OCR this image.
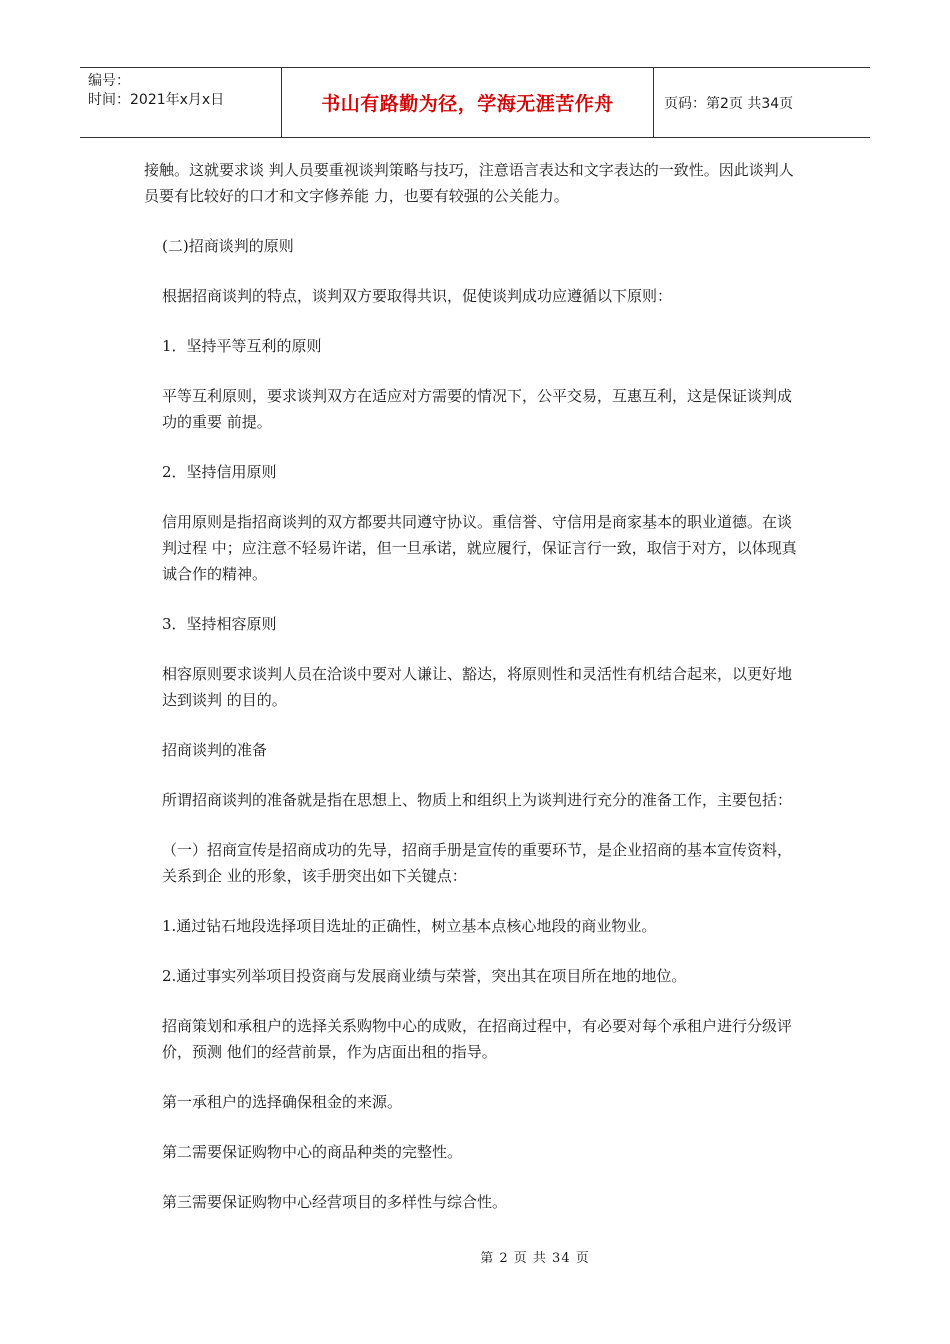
编号：
时间：2021年x月x日	书山有路勤为径，学海无涯苦作舟	页码：第2页 共34页

接触。这就要求谈 判人员要重视谈判策略与技巧，注意语言表达和文字表达的一致性。因此谈判人员要有比较好的口才和文字修养能 力，也要有较强的公关能力。

(二)招商谈判的原则

根据招商谈判的特点，谈判双方要取得共识，促使谈判成功应遵循以下原则：

1．坚持平等互利的原则

平等互利原则，要求谈判双方在适应对方需要的情况下，公平交易，互惠互利，这是保证谈判成功的重要 前提。

2．坚持信用原则

信用原则是指招商谈判的双方都要共同遵守协议。重信誉、守信用是商家基本的职业道德。在谈判过程 中；应注意不轻易许诺，但一旦承诺，就应履行，保证言行一致，取信于对方，以体现真诚合作的精神。

3．坚持相容原则

相容原则要求谈判人员在洽谈中要对人谦让、豁达，将原则性和灵活性有机结合起来，以更好地达到谈判 的目的。

招商谈判的准备

所谓招商谈判的准备就是指在思想上、物质上和组织上为谈判进行充分的准备工作，主要包括：

（一）招商宣传是招商成功的先导，招商手册是宣传的重要环节，是企业招商的基本宣传资料，关系到企 业的形象，该手册突出如下关键点：

1.通过钻石地段选择项目选址的正确性，树立基本点核心地段的商业物业。

2.通过事实列举项目投资商与发展商业绩与荣誉，突出其在项目所在地的地位。

招商策划和承租户的选择关系购物中心的成败，在招商过程中，有必要对每个承租户进行分级评价，预测 他们的经营前景，作为店面出租的指导。

第一承租户的选择确保租金的来源。

第二需要保证购物中心的商品种类的完整性。

第三需要保证购物中心经营项目的多样性与综合性。

第 2 页 共 34 页
